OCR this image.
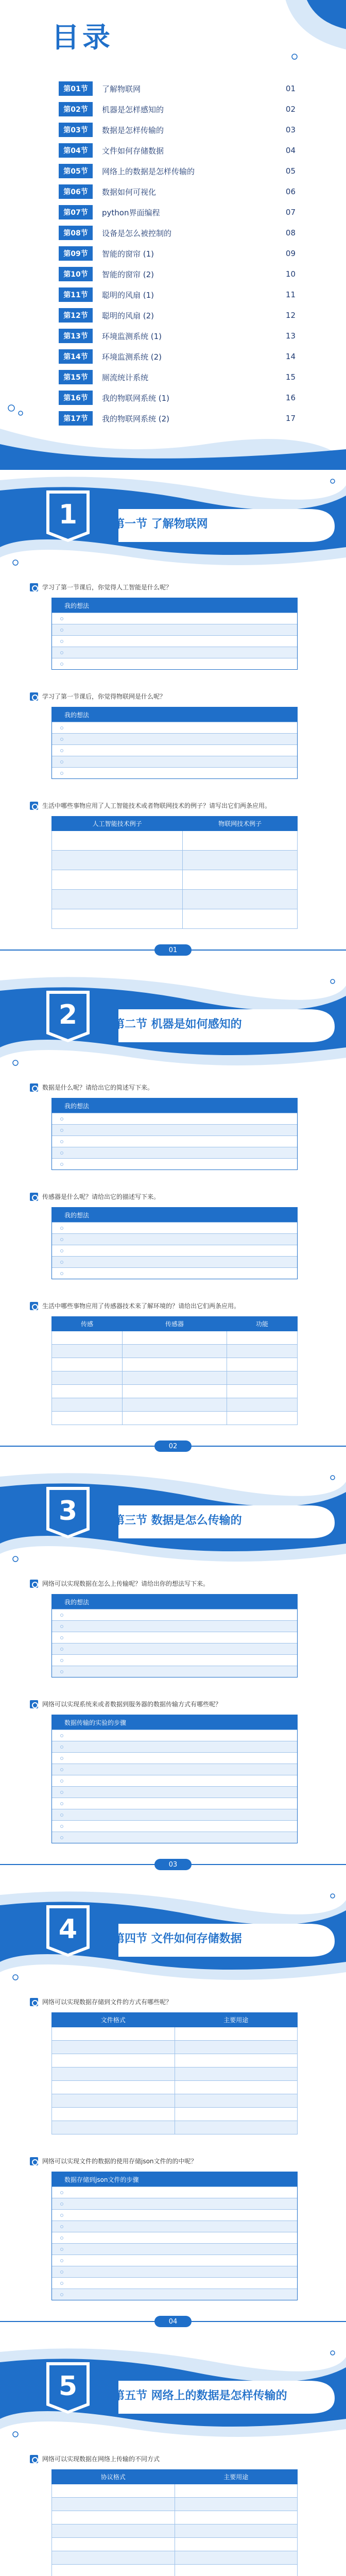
目录
第01节	了解物联网	01
第02节	机器是怎样感知的	02
第03节	数据是怎样传输的	03
第04节	文件如何存储数据	04
第05节	网络上的数据是怎样传输的	05
第06节	数据如何可视化	06
第07节	python界面编程	07
第08节	设备是怎么被控制的	08
第09节	智能的窗帘 (1)	09
第10节	智能的窗帘 (2)	10
第11节	聪明的风扇 (1)	11
第12节	聪明的风扇 (2)	12
第13节	环境监测系统 (1)	13
第14节	环境监测系统 (2)	14
第15节	厕流统计系统	15
第16节	我的物联网系统 (1)	16
第17节	我的物联网系统 (2)	17
1	第一节 了解物联网
学习了第一节课后，你觉得人工智能是什么呢？
我的想法
学习了第一节课后，你觉得物联网是什么呢？
我的想法
生活中哪些事物应用了人工智能技术或者物联网技术的例子？请写出它们两条应用。
人工智能技术例子	物联网技术例子

01
2	第二节 机器是如何感知的
数据是什么呢？请给出它的简述写下来。
我的想法
传感器是什么呢？请给出它的描述写下来。
我的想法
生活中哪些事物应用了传感器技术来了解环境的？请给出它们两条应用。
传感	传感器	功能

02
3	第三节 数据是怎么传输的
网络可以实现数据在怎么上传输呢？请给出你的想法写下来。
我的想法
网络可以实现系统来或者数据到服务器的数据传输方式有哪些呢？
数据传输的实验的步骤
03
4	第四节 文件如何存储数据
网络可以实现数据存储到文件的方式有哪些呢？
文件格式	主要用途

网络可以实现文件的数据的使用存储json文件的的中呢？
数据存储到json文件的步骤
04
5	第五节 网络上的数据是怎样传输的
网络可以实现数据在网络上传输的不同方式
协议格式	主要用途
